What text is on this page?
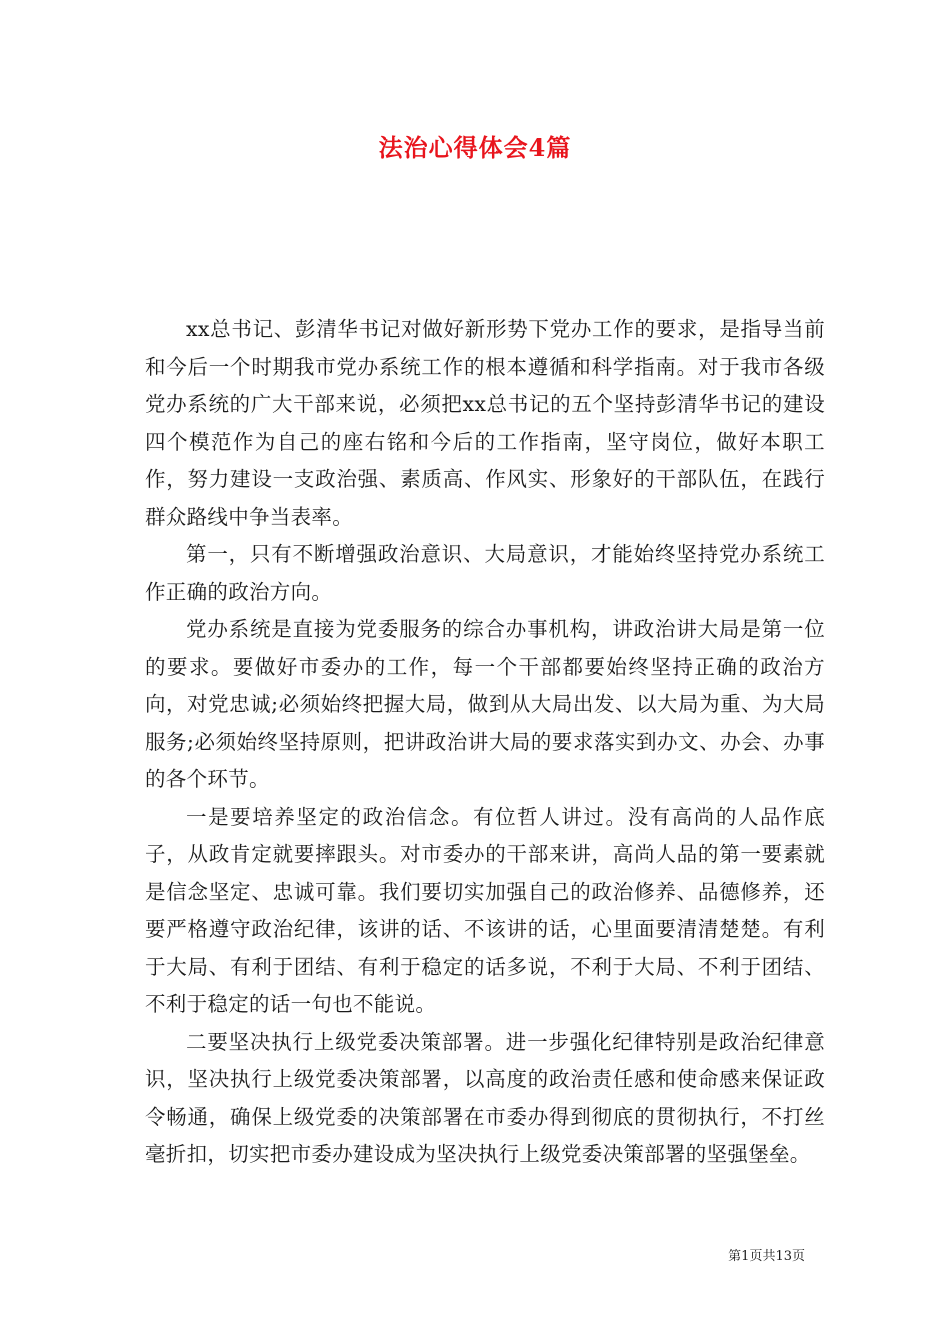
法治心得体会4篇

xx总书记、彭清华书记对做好新形势下党办工作的要求，是指导当前和今后一个时期我市党办系统工作的根本遵循和科学指南。对于我市各级党办系统的广大干部来说，必须把xx总书记的五个坚持彭清华书记的建设四个模范作为自己的座右铭和今后的工作指南，坚守岗位，做好本职工作，努力建设一支政治强、素质高、作风实、形象好的干部队伍，在践行群众路线中争当表率。

第一，只有不断增强政治意识、大局意识，才能始终坚持党办系统工作正确的政治方向。

党办系统是直接为党委服务的综合办事机构，讲政治讲大局是第一位的要求。要做好市委办的工作，每一个干部都要始终坚持正确的政治方向，对党忠诚;必须始终把握大局，做到从大局出发、以大局为重、为大局服务;必须始终坚持原则，把讲政治讲大局的要求落实到办文、办会、办事的各个环节。

一是要培养坚定的政治信念。有位哲人讲过。没有高尚的人品作底子，从政肯定就要摔跟头。对市委办的干部来讲，高尚人品的第一要素就是信念坚定、忠诚可靠。我们要切实加强自己的政治修养、品德修养，还要严格遵守政治纪律，该讲的话、不该讲的话，心里面要清清楚楚。有利于大局、有利于团结、有利于稳定的话多说，不利于大局、不利于团结、不利于稳定的话一句也不能说。

二要坚决执行上级党委决策部署。进一步强化纪律特别是政治纪律意识，坚决执行上级党委决策部署，以高度的政治责任感和使命感来保证政令畅通，确保上级党委的决策部署在市委办得到彻底的贯彻执行，不打丝毫折扣，切实把市委办建设成为坚决执行上级党委决策部署的坚强堡垒。

第1页共13页
